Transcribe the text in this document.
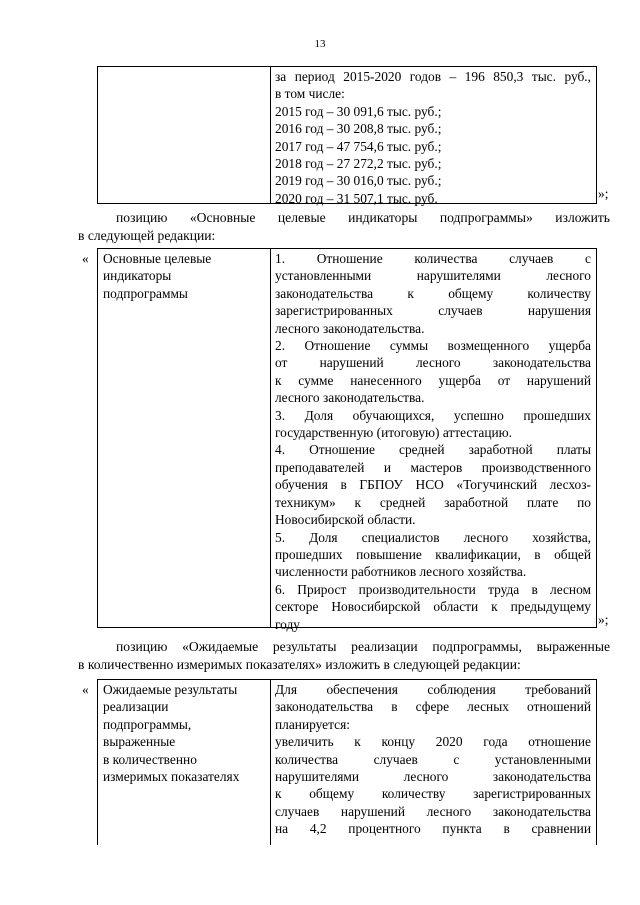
13

за период 2015-2020 годов – 196 850,3 тыс. руб.,

в том числе:

2015 год – 30 091,6 тыс. руб.;

2016 год – 30 208,8 тыс. руб.;

2017 год – 47 754,6 тыс. руб.;

2018 год – 27 272,2 тыс. руб.;

2019 год – 30 016,0 тыс. руб.;

2020 год – 31 507,1 тыс. руб.	»;

позицию «Основные целевые индикаторы подпрограммы» изложить

в следующей редакции:

« Основные целевые

индикаторы

подпрограммы

1. Отношение количества случаев с

установленными нарушителями лесного

законодательства к общему количеству

зарегистрированных случаев нарушения

лесного законодательства.

2. Отношение суммы возмещенного ущерба

от нарушений лесного законодательства

к сумме нанесенного ущерба от нарушений

лесного законодательства.

3. Доля обучающихся, успешно прошедших

государственную (итоговую) аттестацию.

4. Отношение средней заработной платы

преподавателей и мастеров производственного

обучения в ГБПОУ НСО «Тогучинский лесхоз-

техникум» к средней заработной плате по

Новосибирской области.

5. Доля специалистов лесного хозяйства,

прошедших повышение квалификации, в общей

численности работников лесного хозяйства.

6. Прирост производительности труда в лесном

секторе Новосибирской области к предыдущему

году	»;

позицию «Ожидаемые результаты реализации подпрограммы, выраженные

в количественно измеримых показателях» изложить в следующей редакции:

« Ожидаемые результаты

реализации

подпрограммы,

выраженные

в количественно

измеримых показателях

Для обеспечения соблюдения требований

законодательства в сфере лесных отношений

планируется:

увеличить к концу 2020 года отношение

количества случаев с установленными

нарушителями лесного законодательства

к общему количеству зарегистрированных

случаев нарушений лесного законодательства

на 4,2 процентного пункта в сравнении
